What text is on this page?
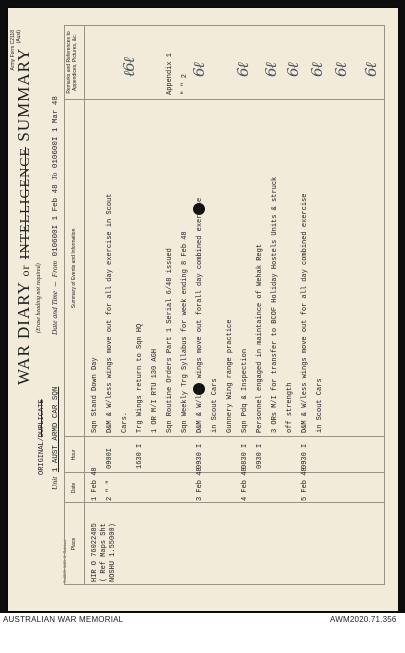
S.4065. 1/45. 0. Cabinet
WAR DIARY or INTELLIGENCE SUMMARY
(Erase heading not required)
ORIGINAL/DUPLICATE
Unit 1 AUST ARMD CAR SQN
Date and Time — From 010600I 1 Feb 48 To 010600I 1 Mar 48
Army Form C2118 (Aust)
Place
Date
Hour
Summary of Events and Information
Remarks and References to Appendices, Pictures, &c.
HIR O 76022485 ( Ref Maps Sht NOSHU 1.55000)
1 Feb 48
Sqn Stand Down Day
2 " "
0900I
D&M & W/less wings move out for all day exercise in Scout Cars.
1630 I
Trg Wings return to Sqn HQ 1 OR M/I RTU 130 AGH Sqn Routine Orders Part 1 Serial 6/48 issued
Appendix 1
Sqn Weekly Trg Syllabus for week ending 8 Feb 48
" " 2
3 Feb 48
0930 I
D&M & W/less wings move out forall day combined exercise in Scout Cars Gunnery Wing range practice
4 Feb 48
0830 I
Sqn Pdq & Inspection
0930 I
Personnel engaged in maintaince of Wehak Regt 3 ORs M/I for transfer to BCOF Holiday Hostels Units & struck off strength
5 Feb 48
0930 I
D&M & W/less wings move out for all day combined exercise in Scout Cars
ℓ6ℓ	6ℓ 6ℓ 6ℓ 6ℓ 6ℓ 6ℓ 6ℓ
AUSTRALIAN WAR MEMORIAL	AWM2020.71.356
